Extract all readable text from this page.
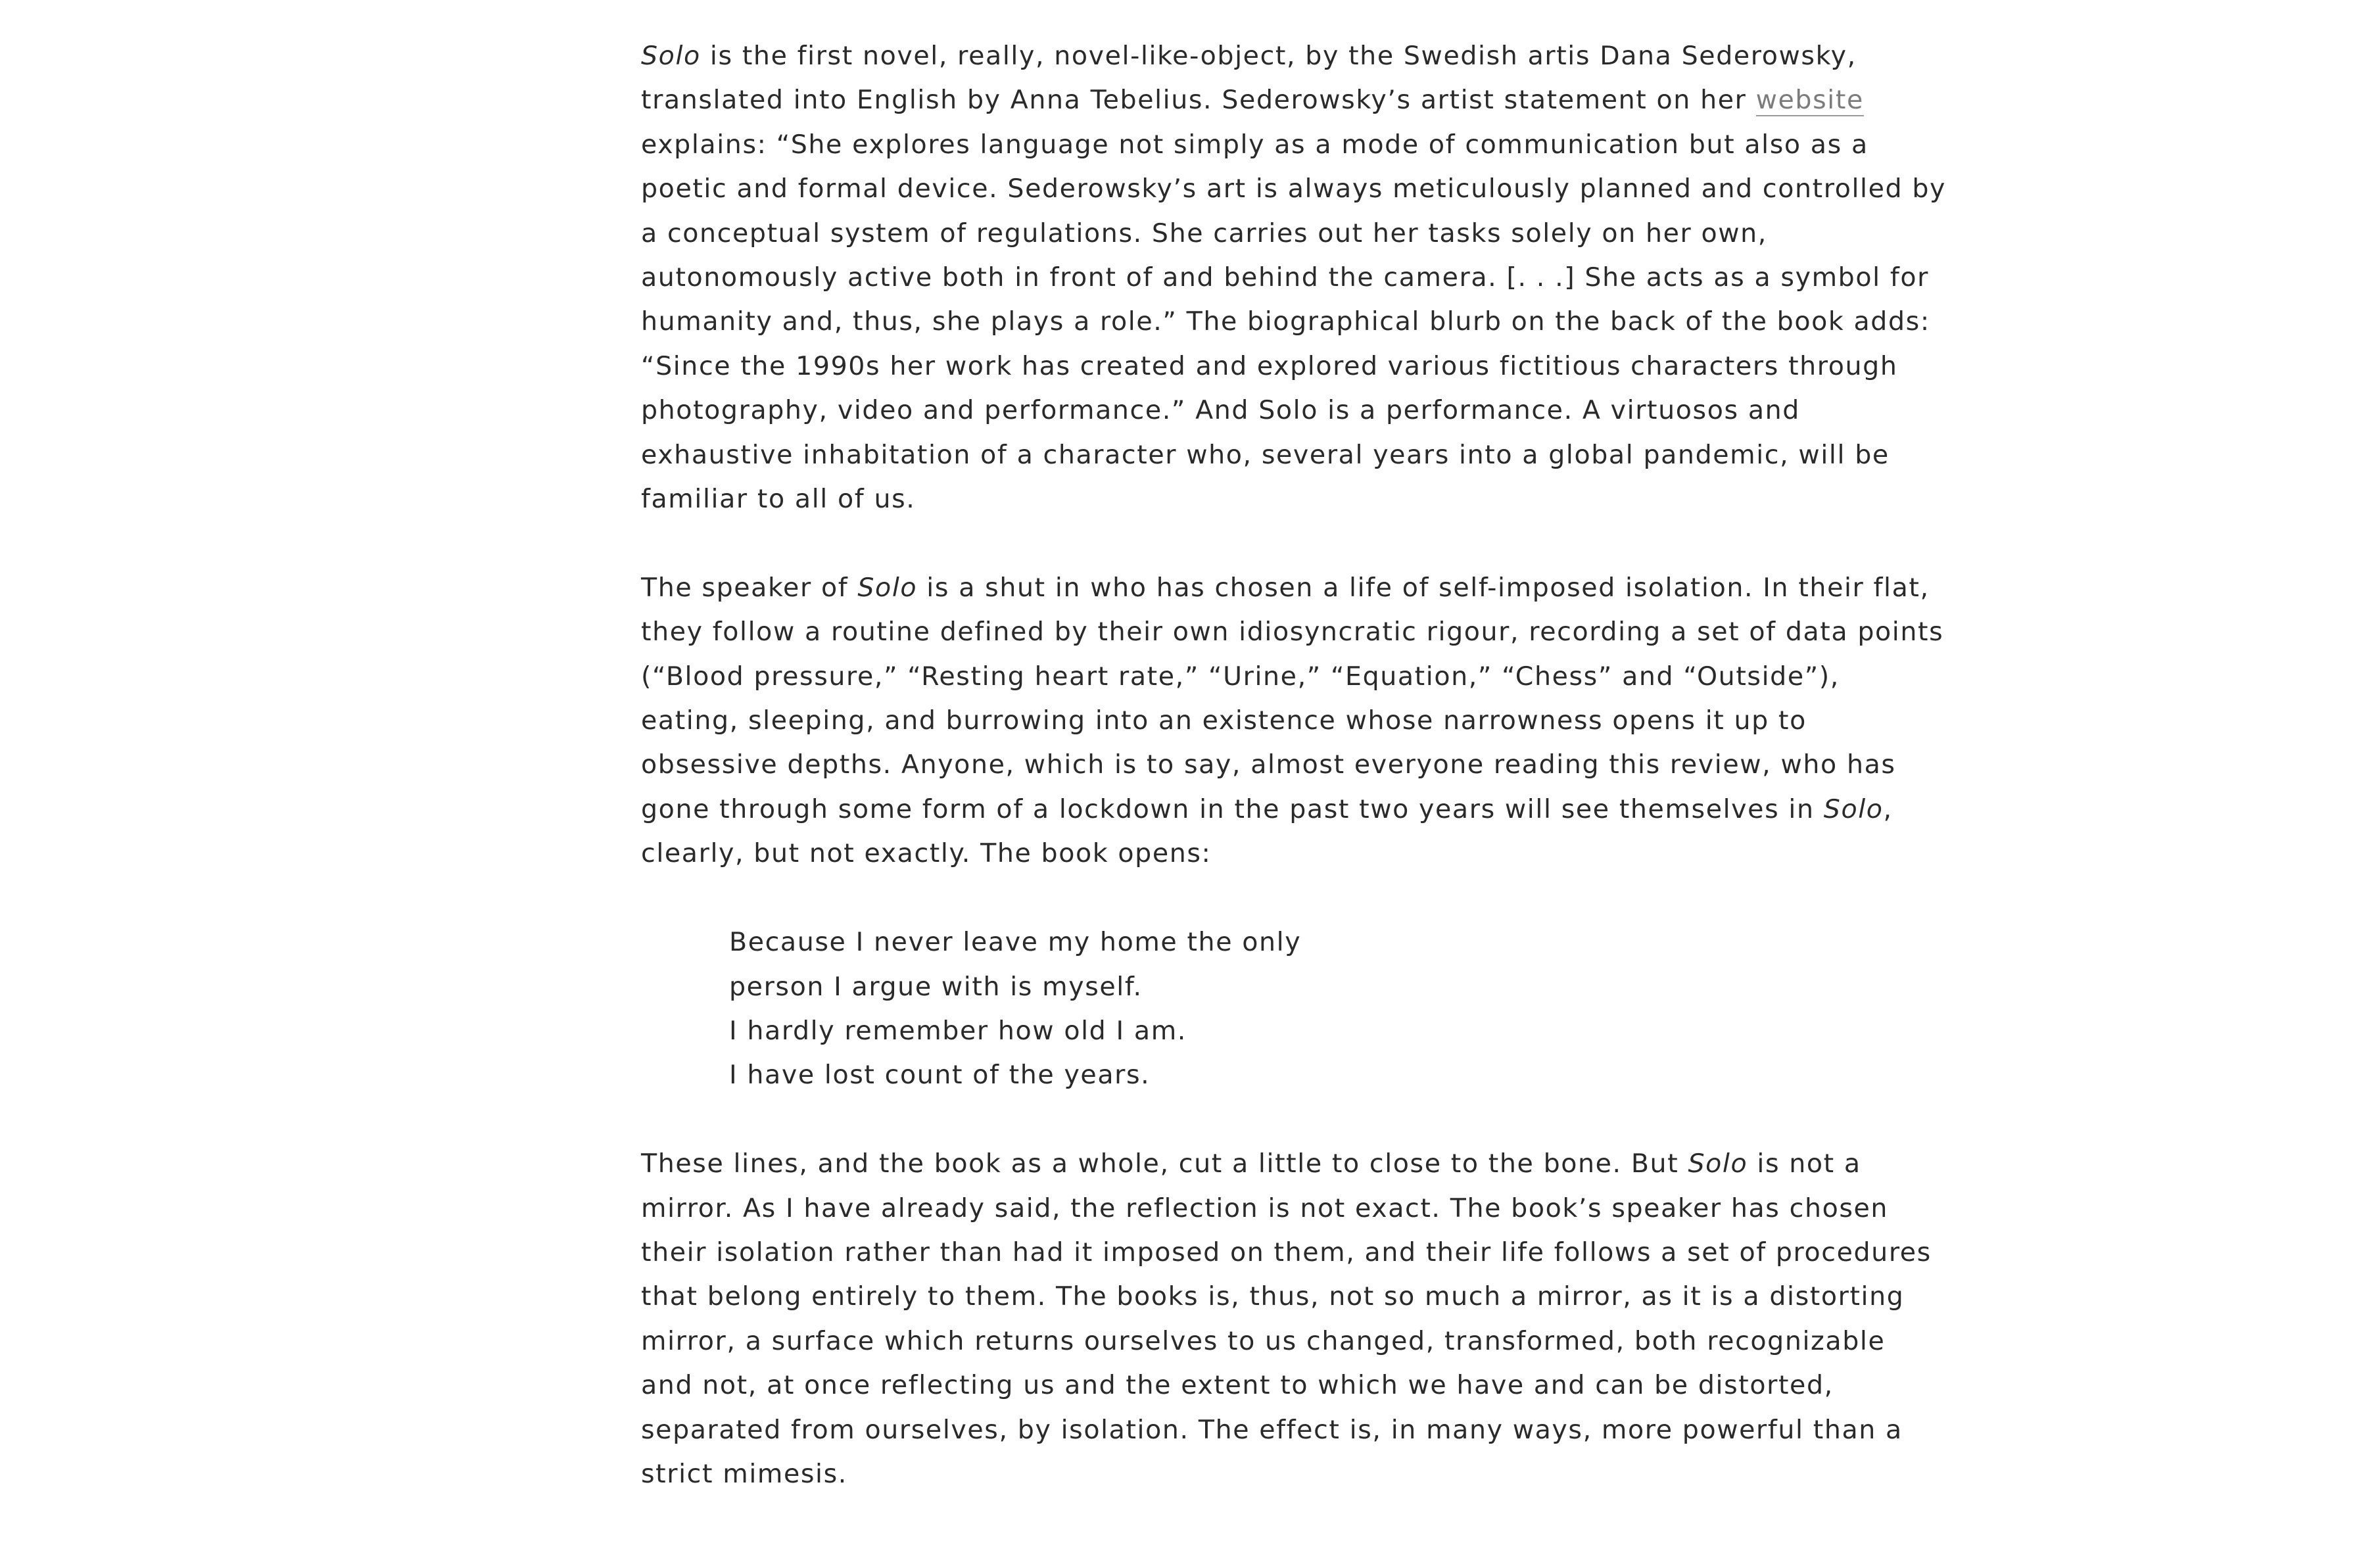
Solo is the first novel, really, novel-like-object, by the Swedish artis Dana Sederowsky, translated into English by Anna Tebelius. Sederowsky’s artist statement on her website explains: “She explores language not simply as a mode of communication but also as a poetic and formal device. Sederowsky’s art is always meticulously planned and controlled by a conceptual system of regulations. She carries out her tasks solely on her own, autonomously active both in front of and behind the camera. [. . .] She acts as a symbol for humanity and, thus, she plays a role.” The biographical blurb on the back of the book adds: “Since the 1990s her work has created and explored various fictitious characters through photography, video and performance.” And Solo is a performance. A virtuosos and exhaustive inhabitation of a character who, several years into a global pandemic, will be familiar to all of us.

The speaker of Solo is a shut in who has chosen a life of self-imposed isolation. In their flat, they follow a routine defined by their own idiosyncratic rigour, recording a set of data points (“Blood pressure,” “Resting heart rate,” “Urine,” “Equation,” “Chess” and “Outside”), eating, sleeping, and burrowing into an existence whose narrowness opens it up to obsessive depths. Anyone, which is to say, almost everyone reading this review, who has gone through some form of a lockdown in the past two years will see themselves in Solo, clearly, but not exactly. The book opens:

Because I never leave my home the only
person I argue with is myself.
I hardly remember how old I am.
I have lost count of the years.

These lines, and the book as a whole, cut a little to close to the bone. But Solo is not a mirror. As I have already said, the reflection is not exact. The book’s speaker has chosen their isolation rather than had it imposed on them, and their life follows a set of procedures that belong entirely to them. The books is, thus, not so much a mirror, as it is a distorting mirror, a surface which returns ourselves to us changed, transformed, both recognizable and not, at once reflecting us and the extent to which we have and can be distorted, separated from ourselves, by isolation. The effect is, in many ways, more powerful than a strict mimesis.
